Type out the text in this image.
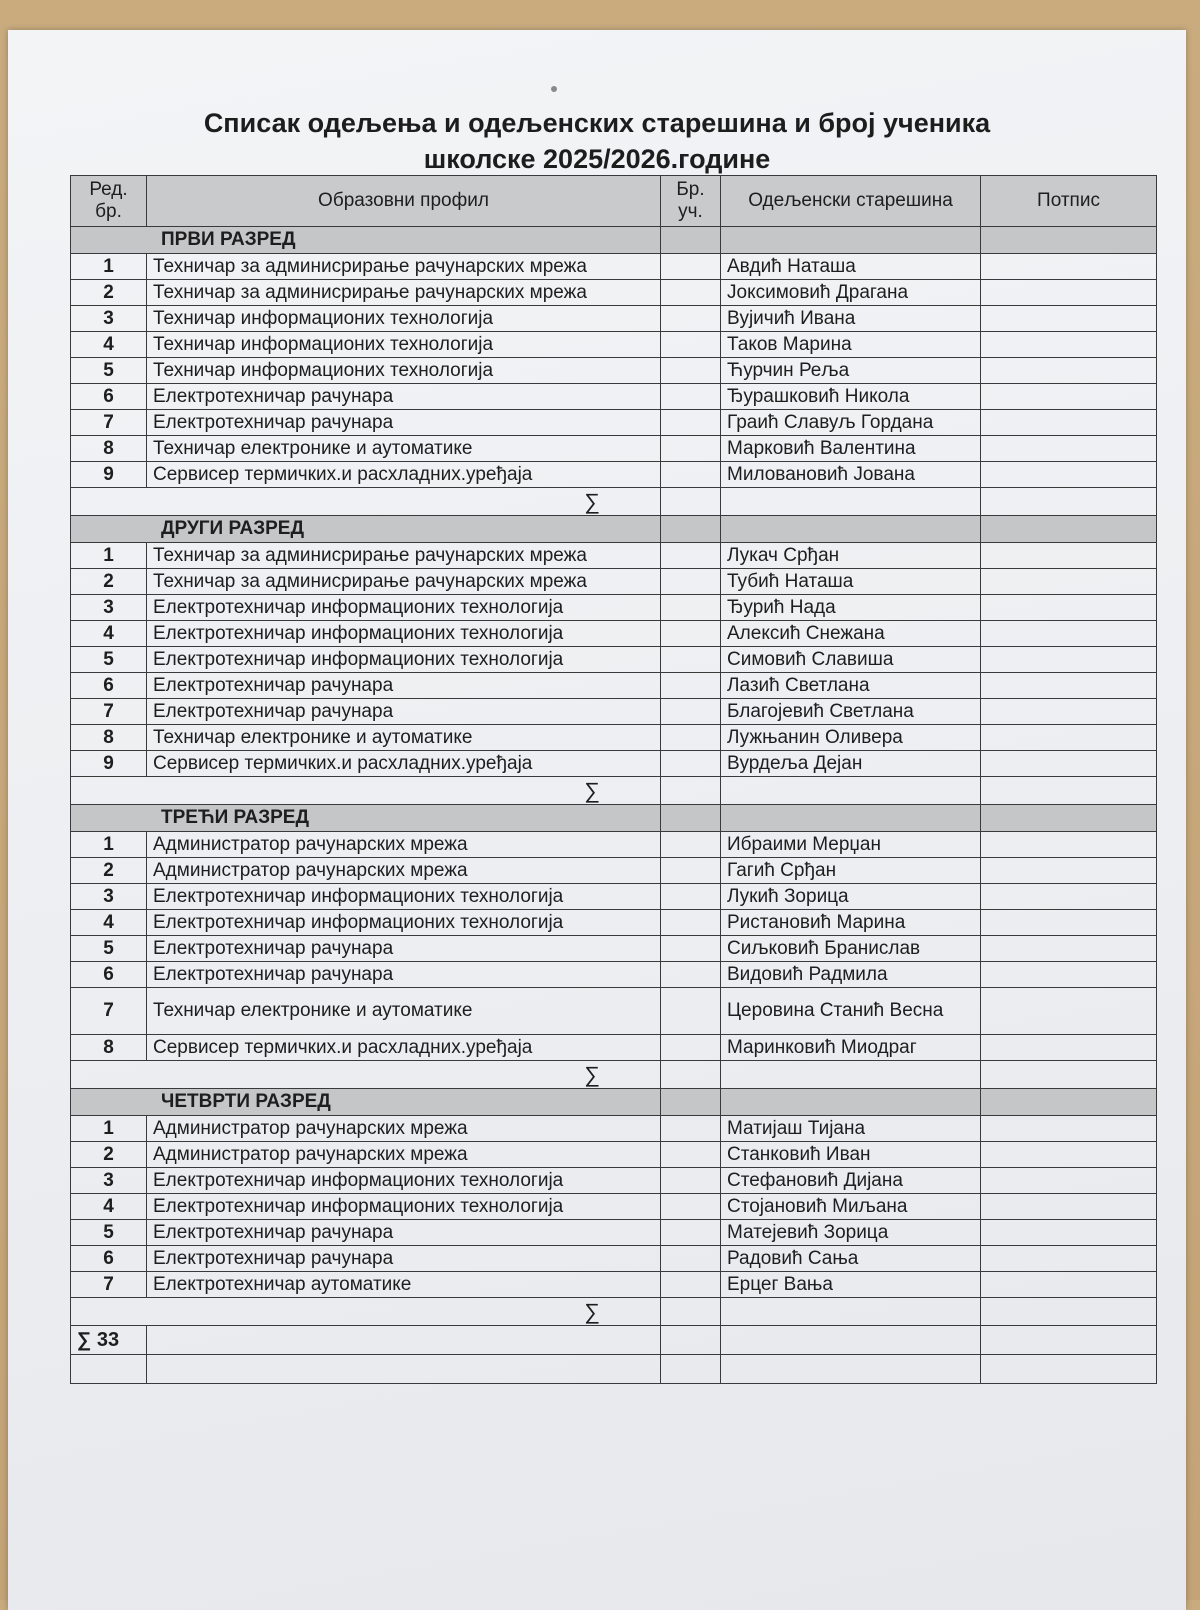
Списак одељења и одељенских старешина и број ученика
школске 2025/2026.године
Ред. бр.	Образовни профил	Бр. уч.	Одељенски старешина	Потпис
ПРВИ РАЗРЕД				
1	Техничар за админисрирање рачунарских мрежа		Авдић Наташа	
2	Техничар за админисрирање рачунарских мрежа		Јоксимовић Драгана	
3	Техничар информационих технологија		Вујичић Ивана	
4	Техничар информационих технологија		Таков Марина	
5	Техничар информационих технологија		Ћурчин Реља	
6	Електротехничар рачунара		Ђурашковић Никола	
7	Електротехничар рачунара		Граић Славуљ Гордана	
8	Техничар електронике и аутоматике		Марковић Валентина	
9	Сервисер термичких.и расхладних.уређаја		Миловановић Јована	
∑				
ДРУГИ РАЗРЕД				
1	Техничар за админисрирање рачунарских мрежа		Лукач Срђан	
2	Техничар за админисрирање рачунарских мрежа		Тубић Наташа	
3	Електротехничар информационих технологија		Ђурић Нада	
4	Електротехничар информационих технологија		Алексић Снежана	
5	Електротехничар информационих технологија		Симовић Славиша	
6	Електротехничар рачунара		Лазић Светлана	
7	Електротехничар рачунара		Благојевић Светлана	
8	Техничар електронике и аутоматике		Лужњанин Оливера	
9	Сервисер термичких.и расхладних.уређаја		Вурдеља Дејан	
∑				
ТРЕЋИ РАЗРЕД				
1	Администратор рачунарских мрежа		Ибраими Мерџан	
2	Администратор рачунарских мрежа		Гагић Срђан	
3	Електротехничар информационих технологија		Лукић Зорица	
4	Електротехничар информационих технологија		Ристановић Марина	
5	Електротехничар рачунара		Сиљковић Бранислав	
6	Електротехничар рачунара		Видовић Радмила	
7	Техничар електронике и аутоматике		Церовина Станић Весна	
8	Сервисер термичких.и расхладних.уређаја		Маринковић Миодраг	
∑				
ЧЕТВРТИ РАЗРЕД				
1	Администратор рачунарских мрежа		Матијаш Тијана	
2	Администратор рачунарских мрежа		Станковић Иван	
3	Електротехничар информационих технологија		Стефановић Дијана	
4	Електротехничар информационих технологија		Стојановић Миљана	
5	Електротехничар рачунара		Матејевић Зорица	
6	Електротехничар рачунара		Радовић Сања	
7	Електротехничар аутоматике		Ерцег Вања	
∑				
∑ 33				
